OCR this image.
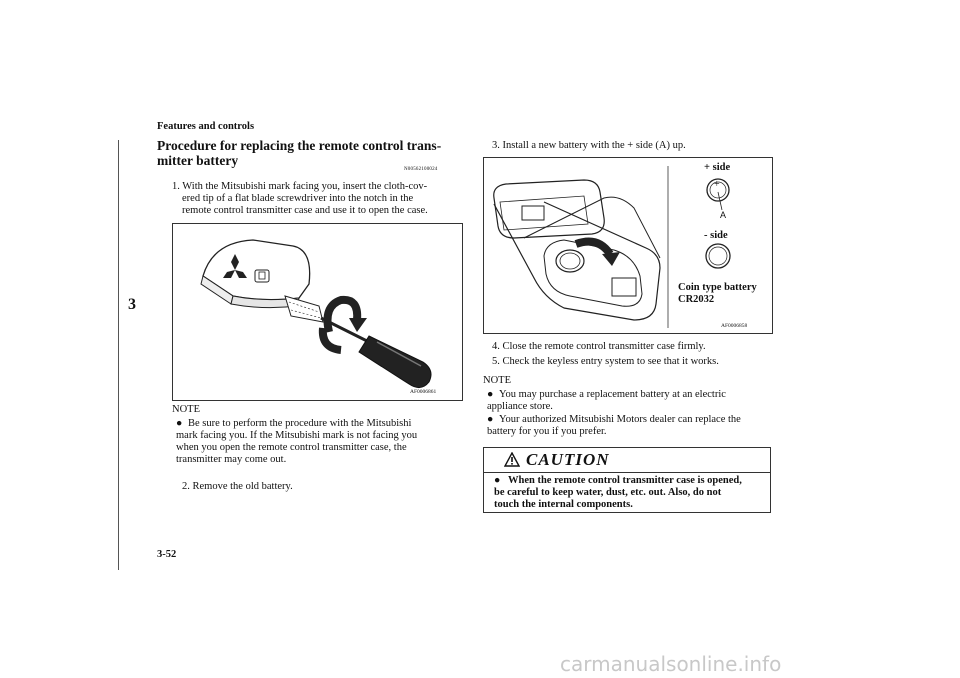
Features and controls
3
Procedure for replacing the remote control trans-
mitter battery
N00562100024
1. With the Mitsubishi mark facing you, insert the cloth-cov-
ered tip of a flat blade screwdriver into the notch in the
remote control transmitter case and use it to open the case.
AF0006861
NOTE
● Be sure to perform the procedure with the Mitsubishi
mark facing you. If the Mitsubishi mark is not facing you
when you open the remote control transmitter case, the
transmitter may come out.
2. Remove the old battery.
3. Install a new battery with the + side (A) up.
+ side
+
A
- side
Coin type battery
CR2032
AF0006858
4. Close the remote control transmitter case firmly.
5. Check the keyless entry system to see that it works.
NOTE
● You may purchase a replacement battery at an electric
appliance store.
● Your authorized Mitsubishi Motors dealer can replace the
battery for you if you prefer.
CAUTION
● When the remote control transmitter case is opened,
be careful to keep water, dust, etc. out. Also, do not
touch the internal components.
3-52
carmanualsonline.info
